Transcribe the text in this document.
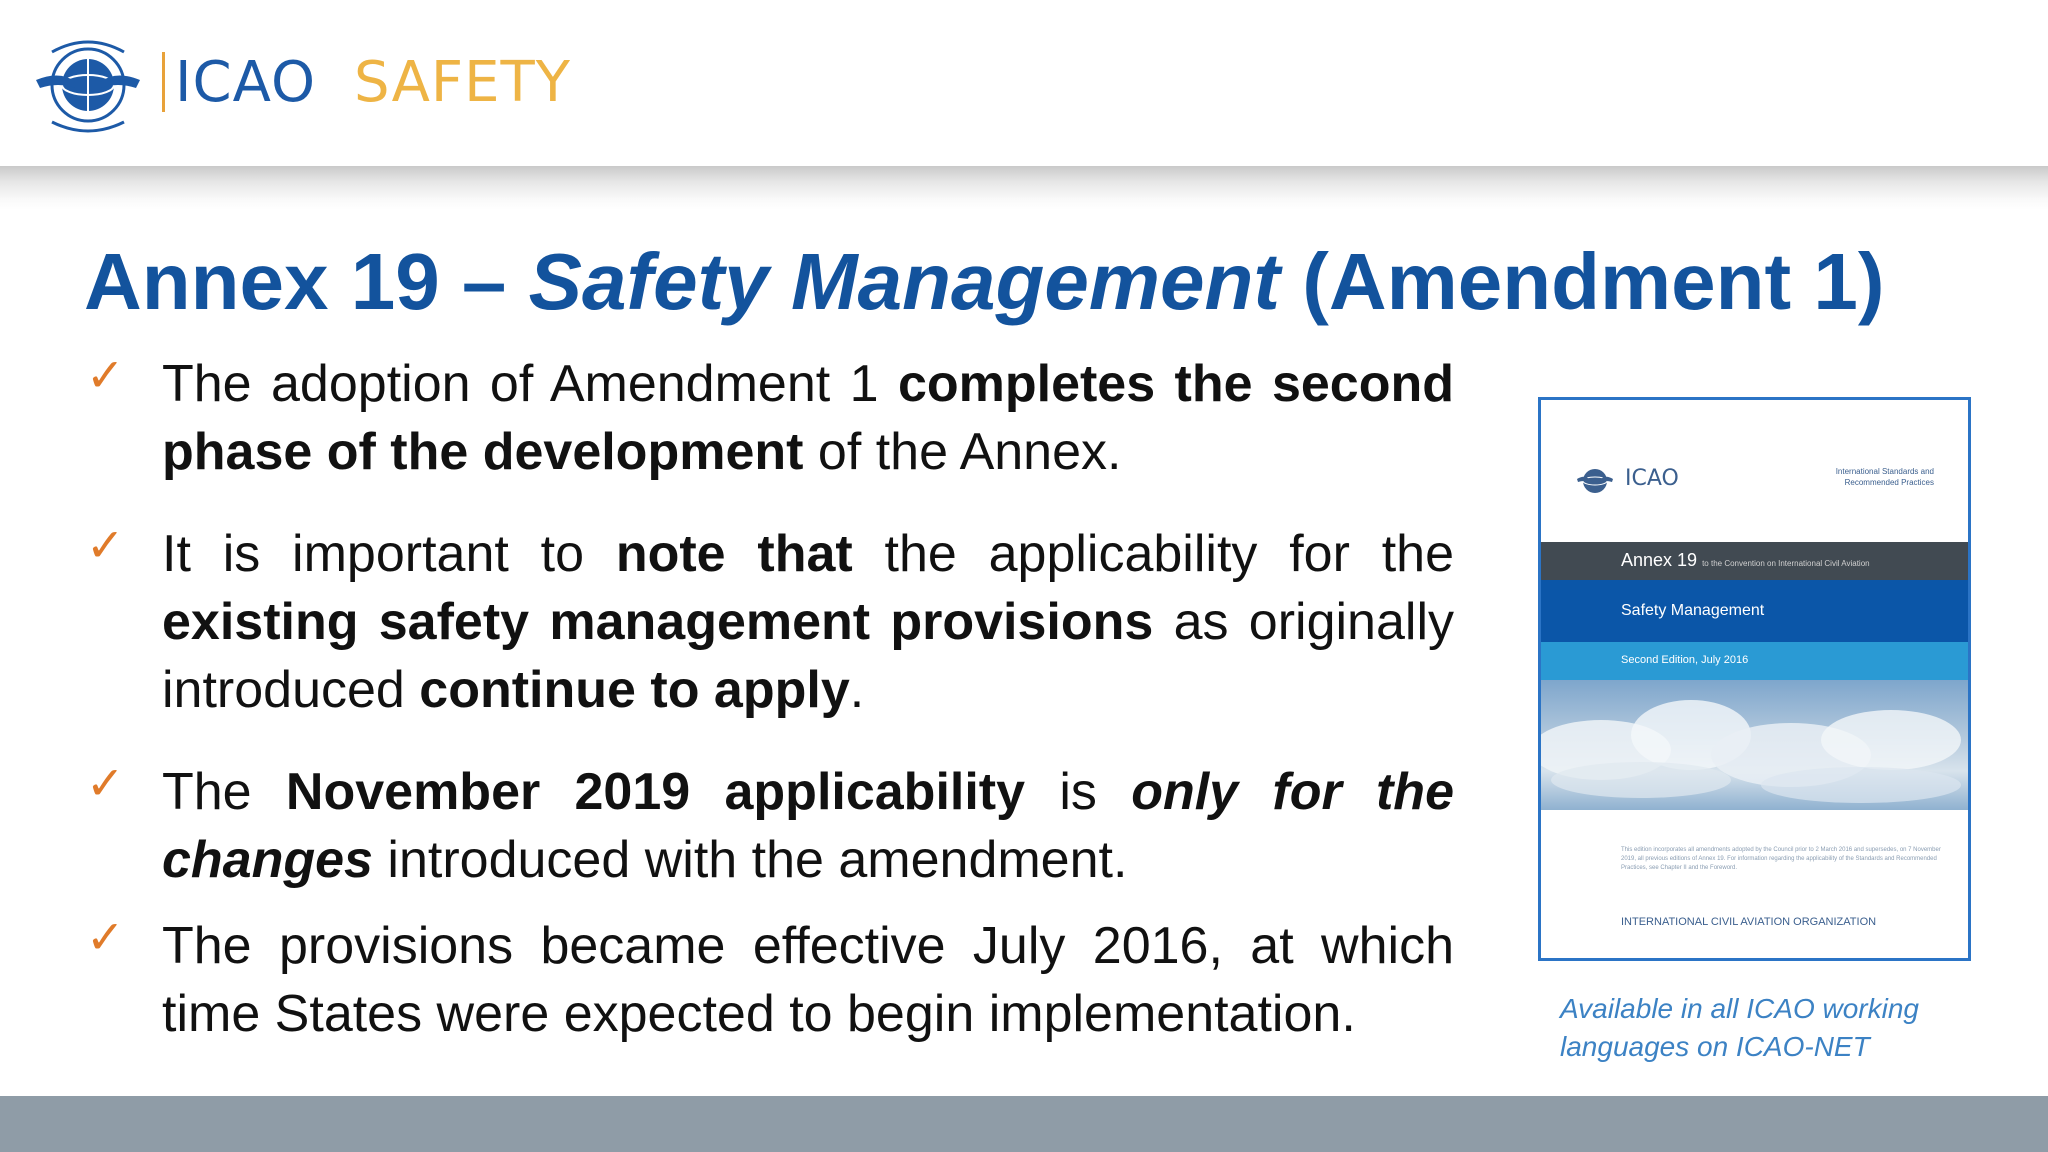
ICAO SAFETY
Annex 19 – Safety Management (Amendment 1)
✓ The adoption of Amendment 1 completes the second phase of the development of the Annex.

✓ It is important to note that the applicability for the existing safety management provisions as originally introduced continue to apply.

✓ The November 2019 applicability is only for the changes introduced with the amendment.

✓ The provisions became effective July 2016, at which time States were expected to begin implementation.

ICAO	International Standards and Recommended Practices
Annex 19 to the Convention on International Civil Aviation
Safety Management
Second Edition, July 2016
This edition incorporates all amendments adopted by the Council prior to 2 March 2016 and supersedes, on 7 November 2019, all previous editions of Annex 19. For information regarding the applicability of the Standards and Recommended Practices, see Chapter II and the Foreword.
INTERNATIONAL CIVIL AVIATION ORGANIZATION
Available in all ICAO working
languages on ICAO-NET
